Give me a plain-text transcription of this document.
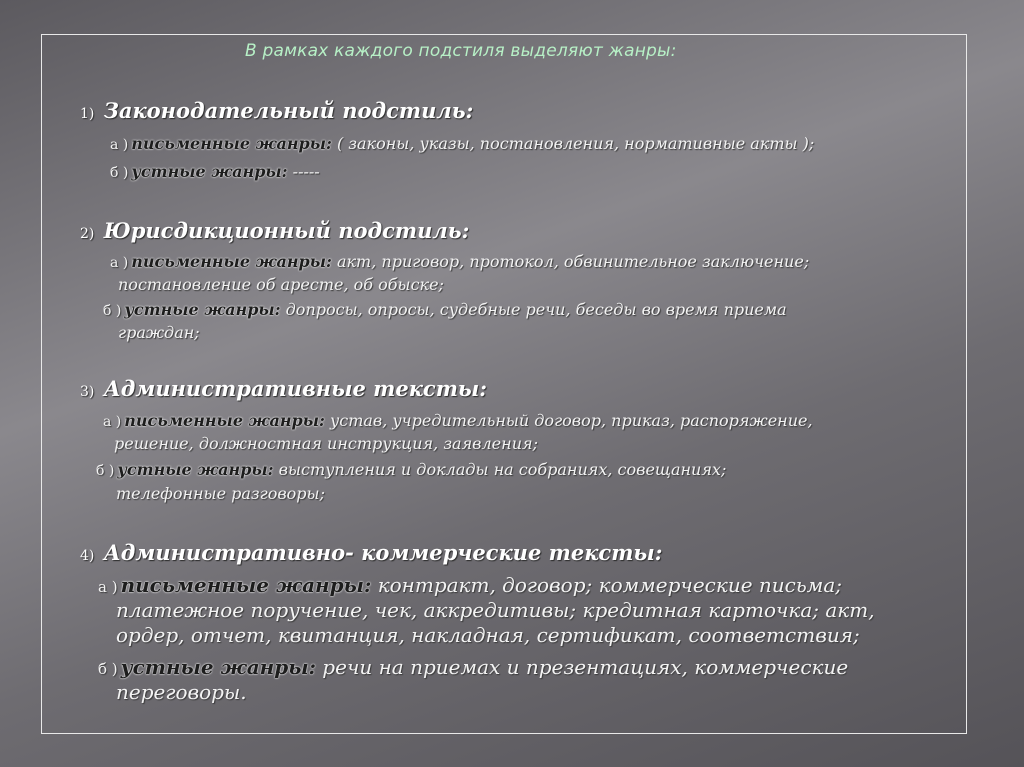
В рамках каждого подстиля выделяют жанры:
1) Законодательный подстиль:
а ) письменные жанры: ( законы, указы, постановления, нормативные акты );
б ) устные жанры: -----
2) Юрисдикционный подстиль:
а ) письменные жанры: акт, приговор, протокол, обвинительное заключение;
постановление об аресте, об обыске;
б ) устные жанры: допросы, опросы, судебные речи, беседы во время приема
граждан;
3) Административные тексты:
а ) письменные жанры: устав, учредительный договор, приказ, распоряжение,
решение, должностная инструкция, заявления;
б ) устные жанры: выступления и доклады на собраниях, совещаниях;
телефонные разговоры;
4) Административно- коммерческие тексты:
а ) письменные жанры: контракт, договор; коммерческие письма;
платежное поручение, чек, аккредитивы; кредитная карточка; акт,
ордер, отчет, квитанция, накладная, сертификат, соответствия;
б ) устные жанры: речи на приемах и презентациях, коммерческие
переговоры.
